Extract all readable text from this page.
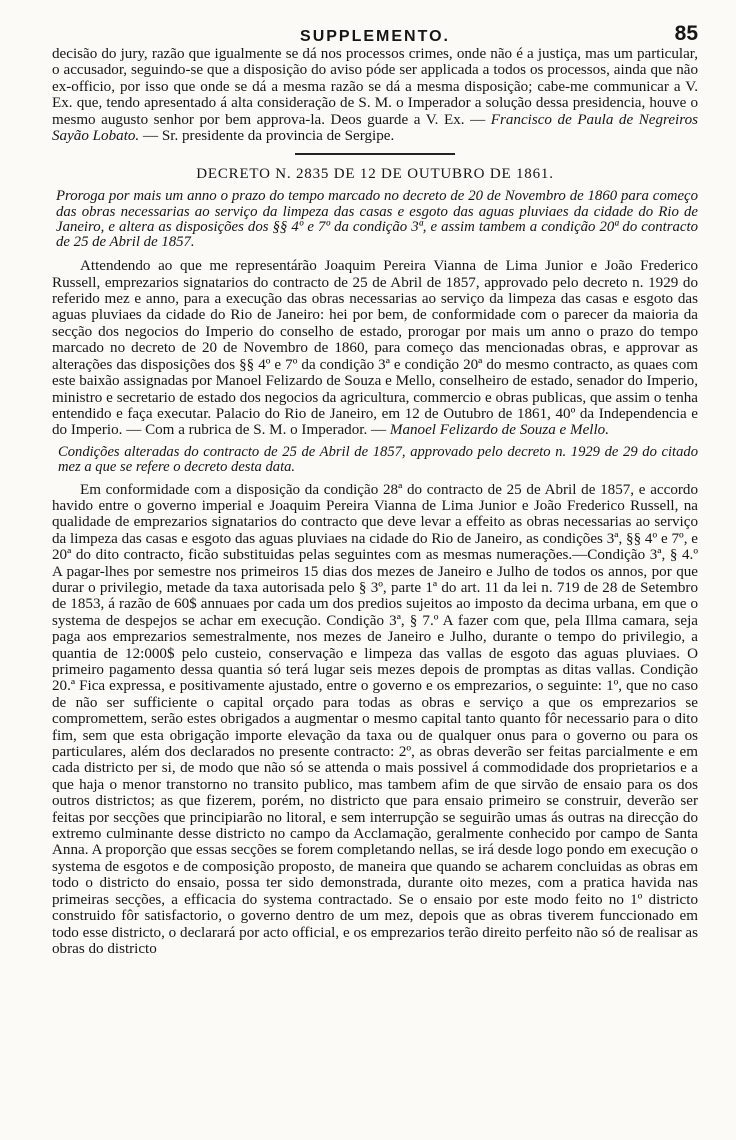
SUPPLEMENTO.	85

decisão do jury, razão que igualmente se dá nos processos crimes, onde não é a justiça, mas um particular, o accusador, seguindo-se que a disposição do aviso póde ser applicada a todos os processos, ainda que não ex-officio, por isso que onde se dá a mesma razão se dá a mesma disposição; cabe-me communicar a V. Ex. que, tendo apresentado á alta consideração de S. M. o Imperador a solução dessa presidencia, houve o mesmo augusto senhor por bem approva-la. Deos guarde a V. Ex. — Francisco de Paula de Negreiros Sayão Lobato. — Sr. presidente da provincia de Sergipe.

DECRETO N. 2835 DE 12 DE OUTUBRO DE 1861.

Proroga por mais um anno o prazo do tempo marcado no decreto de 20 de Novembro de 1860 para começo das obras necessarias ao serviço da limpeza das casas e esgoto das aguas pluviaes da cidade do Rio de Janeiro, e altera as disposições dos §§ 4º e 7º da condição 3ª, e assim tambem a condição 20ª do contracto de 25 de Abril de 1857.

Attendendo ao que me representárão Joaquim Pereira Vianna de Lima Junior e João Frederico Russell, emprezarios signatarios do contracto de 25 de Abril de 1857, approvado pelo decreto n. 1929 do referido mez e anno, para a execução das obras necessarias ao serviço da limpeza das casas e esgoto das aguas pluviaes da cidade do Rio de Janeiro: hei por bem, de conformidade com o parecer da maioria da secção dos negocios do Imperio do conselho de estado, prorogar por mais um anno o prazo do tempo marcado no decreto de 20 de Novembro de 1860, para começo das mencionadas obras, e approvar as alterações das disposições dos §§ 4º e 7º da condição 3ª e condição 20ª do mesmo contracto, as quaes com este baixão assignadas por Manoel Felizardo de Souza e Mello, conselheiro de estado, senador do Imperio, ministro e secretario de estado dos negocios da agricultura, commercio e obras publicas, que assim o tenha entendido e faça executar. Palacio do Rio de Janeiro, em 12 de Outubro de 1861, 40º da Independencia e do Imperio. — Com a rubrica de S. M. o Imperador. — Manoel Felizardo de Souza e Mello.

Condições alteradas do contracto de 25 de Abril de 1857, approvado pelo decreto n. 1929 de 29 do citado mez a que se refere o decreto desta data.

Em conformidade com a disposição da condição 28ª do contracto de 25 de Abril de 1857, e accordo havido entre o governo imperial e Joaquim Pereira Vianna de Lima Junior e João Frederico Russell, na qualidade de emprezarios signatarios do contracto que deve levar a effeito as obras necessarias ao serviço da limpeza das casas e esgoto das aguas pluviaes na cidade do Rio de Janeiro, as condições 3ª, §§ 4º e 7º, e 20ª do dito contracto, ficão substituidas pelas seguintes com as mesmas numerações.—Condição 3ª, § 4.º A pagar-lhes por semestre nos primeiros 15 dias dos mezes de Janeiro e Julho de todos os annos, por que durar o privilegio, metade da taxa autorisada pelo § 3º, parte 1ª do art. 11 da lei n. 719 de 28 de Setembro de 1853, á razão de 60$ annuaes por cada um dos predios sujeitos ao imposto da decima urbana, em que o systema de despejos se achar em execução. Condição 3ª, § 7.º A fazer com que, pela Illma camara, seja paga aos emprezarios semestralmente, nos mezes de Janeiro e Julho, durante o tempo do privilegio, a quantia de 12:000$ pelo custeio, conservação e limpeza das vallas de esgoto das aguas pluviaes. O primeiro pagamento dessa quantia só terá lugar seis mezes depois de promptas as ditas vallas. Condição 20.ª Fica expressa, e positivamente ajustado, entre o governo e os emprezarios, o seguinte: 1º, que no caso de não ser sufficiente o capital orçado para todas as obras e serviço a que os emprezarios se compromettem, serão estes obrigados a augmentar o mesmo capital tanto quanto fôr necessario para o dito fim, sem que esta obrigação importe elevação da taxa ou de qualquer onus para o governo ou para os particulares, além dos declarados no presente contracto: 2º, as obras deverão ser feitas parcialmente e em cada districto per si, de modo que não só se attenda o mais possivel á commodidade dos proprietarios e a que haja o menor transtorno no transito publico, mas tambem afim de que sirvão de ensaio para os dos outros districtos; as que fizerem, porém, no districto que para ensaio primeiro se construir, deverão ser feitas por secções que principiarão no litoral, e sem interrupção se seguirão umas ás outras na direcção do extremo culminante desse districto no campo da Acclamação, geralmente conhecido por campo de Santa Anna. A proporção que essas secções se forem completando nellas, se irá desde logo pondo em execução o systema de esgotos e de composição proposto, de maneira que quando se acharem concluidas as obras em todo o districto do ensaio, possa ter sido demonstrada, durante oito mezes, com a pratica havida nas primeiras secções, a efficacia do systema contractado. Se o ensaio por este modo feito no 1º districto construido fôr satisfactorio, o governo dentro de um mez, depois que as obras tiverem funccionado em todo esse districto, o declarará por acto official, e os emprezarios terão direito perfeito não só de realisar as obras do districto
